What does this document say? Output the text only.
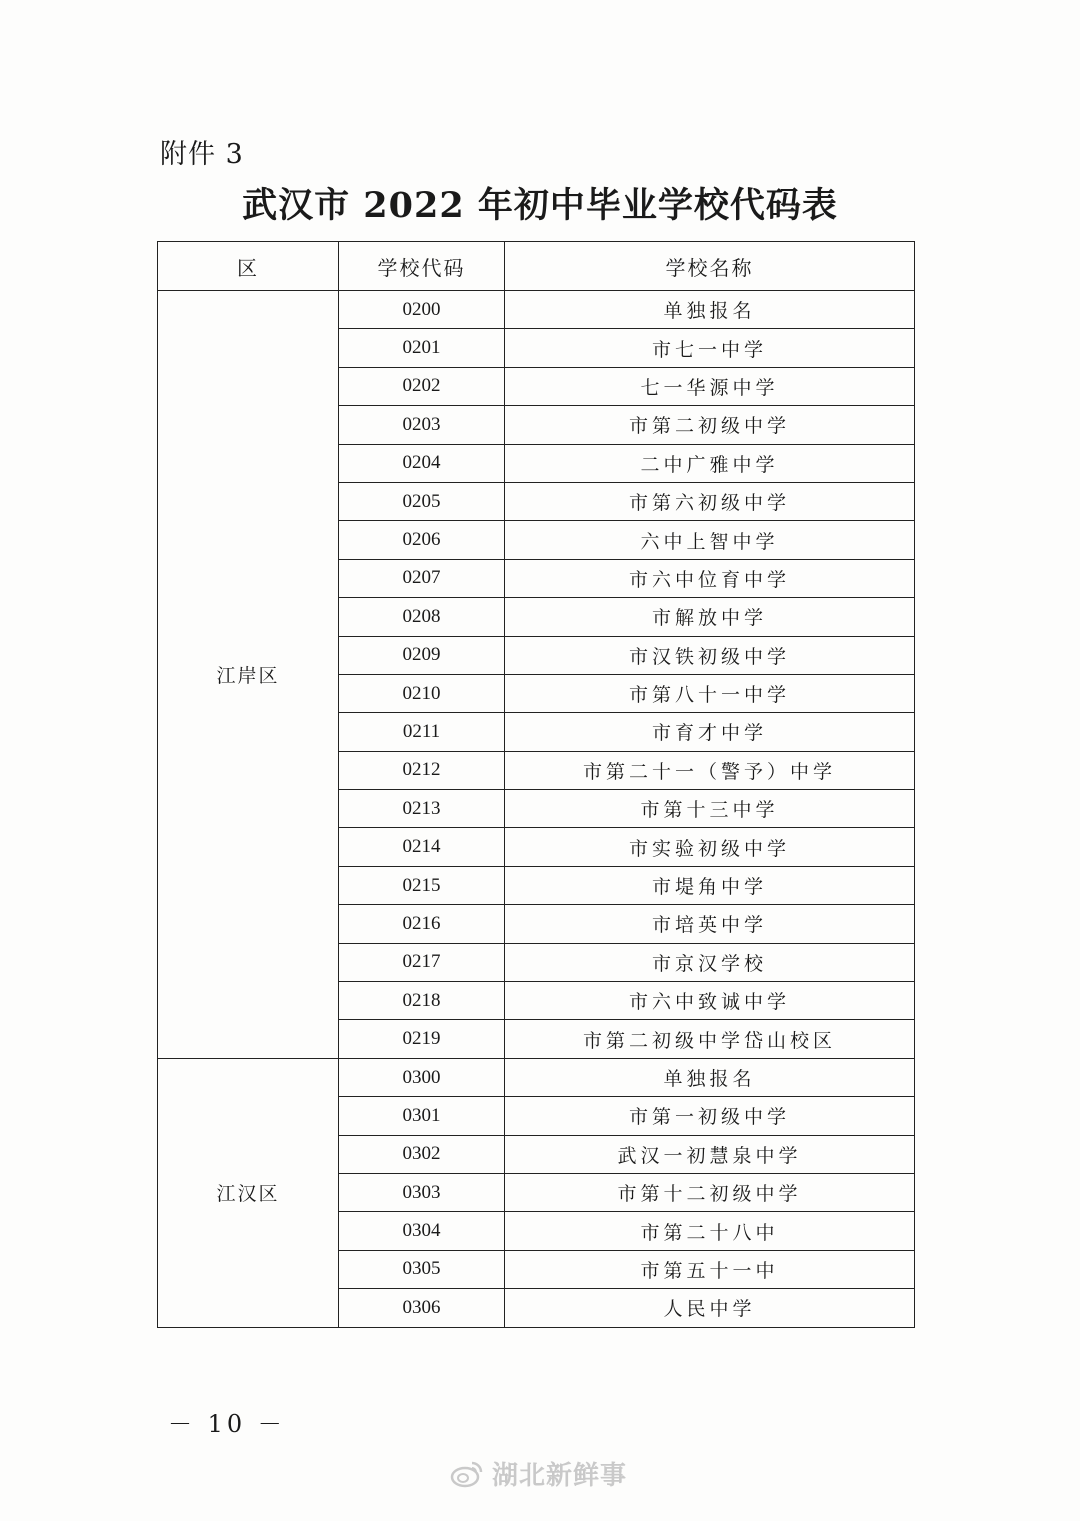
附件 3
武汉市 2022 年初中毕业学校代码表
区	学校代码	学校名称
江岸区	0200	单独报名
	0201	市七一中学
	0202	七一华源中学
	0203	市第二初级中学
	0204	二中广雅中学
	0205	市第六初级中学
	0206	六中上智中学
	0207	市六中位育中学
	0208	市解放中学
	0209	市汉铁初级中学
	0210	市第八十一中学
	0211	市育才中学
	0212	市第二十一（警予）中学
	0213	市第十三中学
	0214	市实验初级中学
	0215	市堤角中学
	0216	市培英中学
	0217	市京汉学校
	0218	市六中致诚中学
	0219	市第二初级中学岱山校区
江汉区	0300	单独报名
	0301	市第一初级中学
	0302	武汉一初慧泉中学
	0303	市第十二初级中学
	0304	市第二十八中
	0305	市第五十一中
	0306	人民中学
－ 10 －
湖北新鲜事
